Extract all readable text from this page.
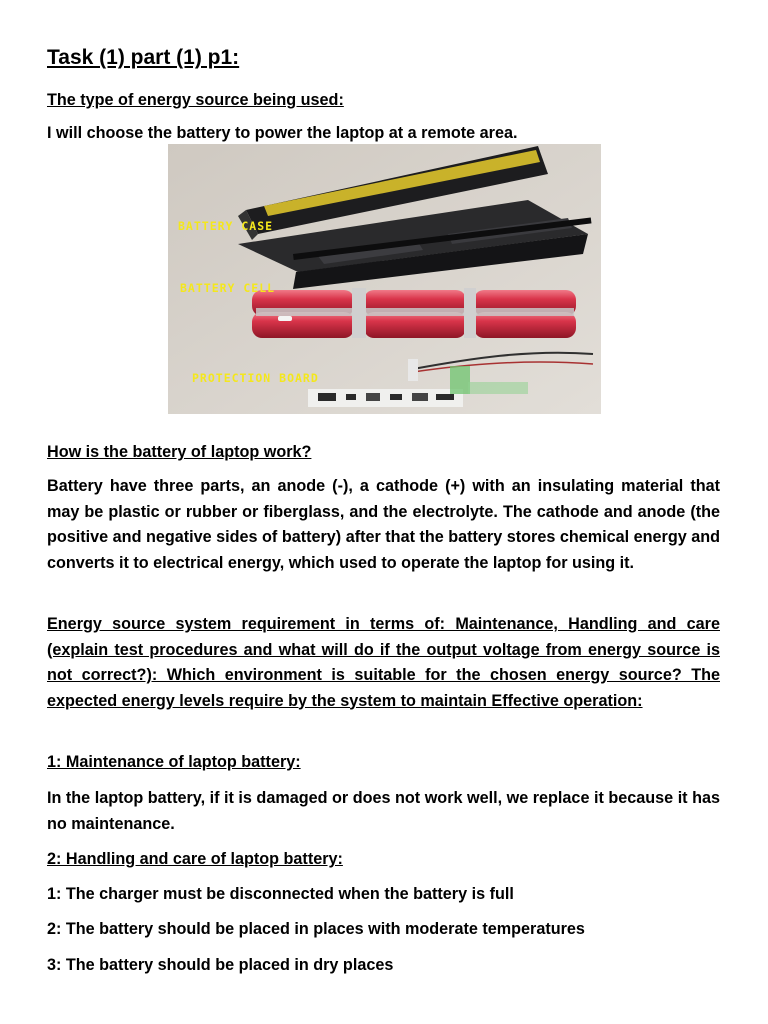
Task (1) part (1) p1:

The type of energy source being used:

I will choose the battery to power the laptop at a remote area.

BATTERY CASE
BATTERY CELL
PROTECTION BOARD

How is the battery of laptop work?

Battery have three parts, an anode (-), a cathode (+) with an insulating material that may be plastic or rubber or fiberglass, and the electrolyte. The cathode and anode (the positive and negative sides of battery) after that the battery stores chemical energy and converts it to electrical energy, which used to operate the laptop for using it.

Energy source system requirement in terms of: Maintenance, Handling and care (explain test procedures and what will do if the output voltage from energy source is not correct?): Which environment is suitable for the chosen energy source? The expected energy levels require by the system to maintain Effective operation:

1: Maintenance of laptop battery:

In the laptop battery, if it is damaged or does not work well, we replace it because it has no maintenance.

2: Handling and care of laptop battery:

1: The charger must be disconnected when the battery is full

2: The battery should be placed in places with moderate temperatures

3: The battery should be placed in dry places
